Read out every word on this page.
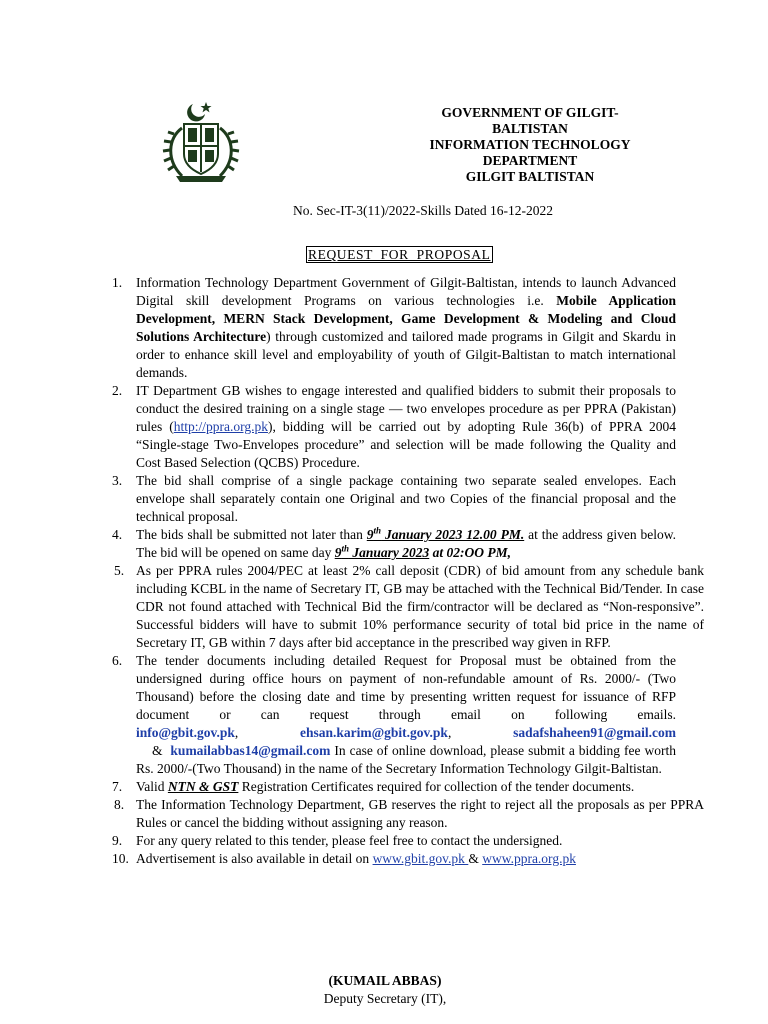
GOVERNMENT OF GILGIT-
BALTISTAN
INFORMATION TECHNOLOGY
DEPARTMENT
GILGIT BALTISTAN
No. Sec-IT-3(11)/2022-Skills Dated 16-12-2022
REQUEST  FOR  PROPOSAL
1. Information Technology Department Government of Gilgit-Baltistan, intends to launch Advanced Digital skill development Programs on various technologies i.e. Mobile Application Development, MERN Stack Development, Game Development & Modeling and Cloud Solutions Architecture) through customized and tailored made programs in Gilgit and Skardu in order to enhance skill level and employability of youth of Gilgit-Baltistan to match international demands.
2. IT Department GB wishes to engage interested and qualified bidders to submit their proposals to conduct the desired training on a single stage — two envelopes procedure as per PPRA (Pakistan) rules (http://ppra.org.pk), bidding will be carried out by adopting Rule 36(b) of PPRA 2004 “Single-stage Two-Envelopes procedure” and selection will be made following the Quality and Cost Based Selection (QCBS) Procedure.
3. The bid shall comprise of a single package containing two separate sealed envelopes. Each envelope shall separately contain one Original and two Copies of the financial proposal and the technical proposal.
4. The bids shall be submitted not later than 9th January 2023 12.00 PM. at the address given below. The bid will be opened on same day 9th January 2023 at 02:OO PM,
5. As per PPRA rules 2004/PEC at least 2% call deposit (CDR) of bid amount from any schedule bank including KCBL in the name of Secretary IT, GB may be attached with the Technical Bid/Tender. In case CDR not found attached with Technical Bid the firm/contractor will be declared as “Non-responsive”. Successful bidders will have to submit 10% performance security of total bid price in the name of Secretary IT, GB within 7 days after bid acceptance in the prescribed way given in RFP.
6. The tender documents including detailed Request for Proposal must be obtained from the undersigned during office hours on payment of non-refundable amount of Rs. 2000/- (Two Thousand) before the closing date and time by presenting written request for issuance of RFP document or can request through email on following emails. info@gbit.gov.pk,    ehsan.karim@gbit.gov.pk,    sadafshaheen91@gmail.com    &  kumailabbas14@gmail.com In case of online download, please submit a bidding fee worth Rs. 2000/-(Two Thousand) in the name of the Secretary Information Technology Gilgit-Baltistan.
7. Valid NTN & GST Registration Certificates required for collection of the tender documents.
8. The Information Technology Department, GB reserves the right to reject all the proposals as per PPRA Rules or cancel the bidding without assigning any reason.
9. For any query related to this tender, please feel free to contact the undersigned.
10. Advertisement is also available in detail on www.gbit.gov.pk & www.ppra.org.pk
(KUMAIL ABBAS)
Deputy Secretary (IT),
